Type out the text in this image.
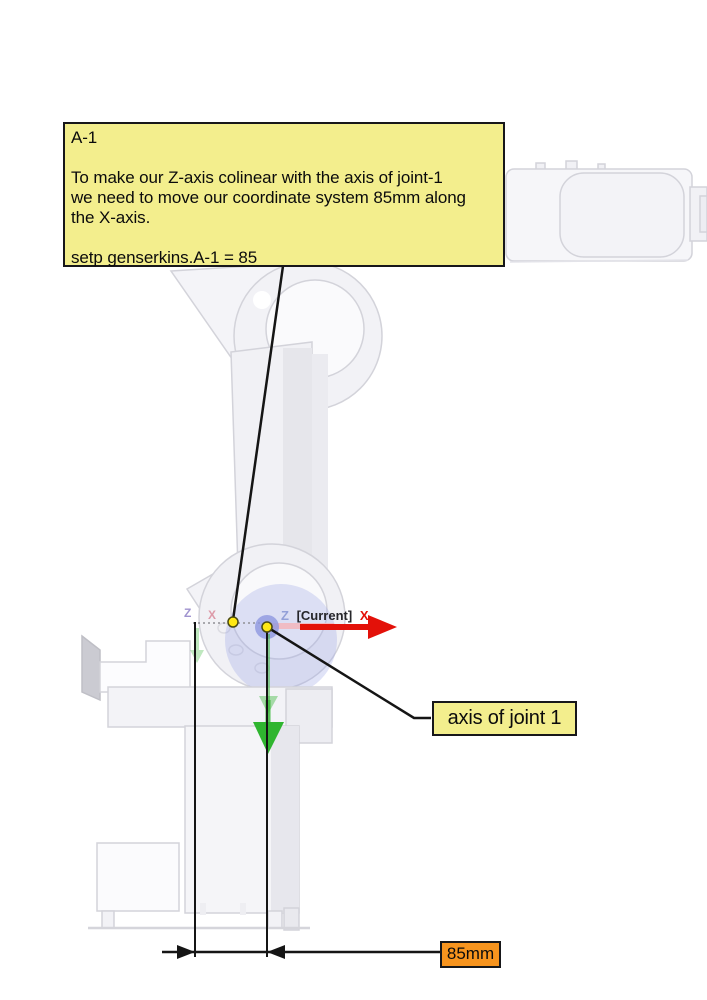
Z X	Z [Current] X
A-1
To make our Z-axis colinear with the axis of joint-1
we need to move our coordinate system 85mm along
the X-axis.
setp genserkins.A-1 = 85
axis of joint 1
85mm
